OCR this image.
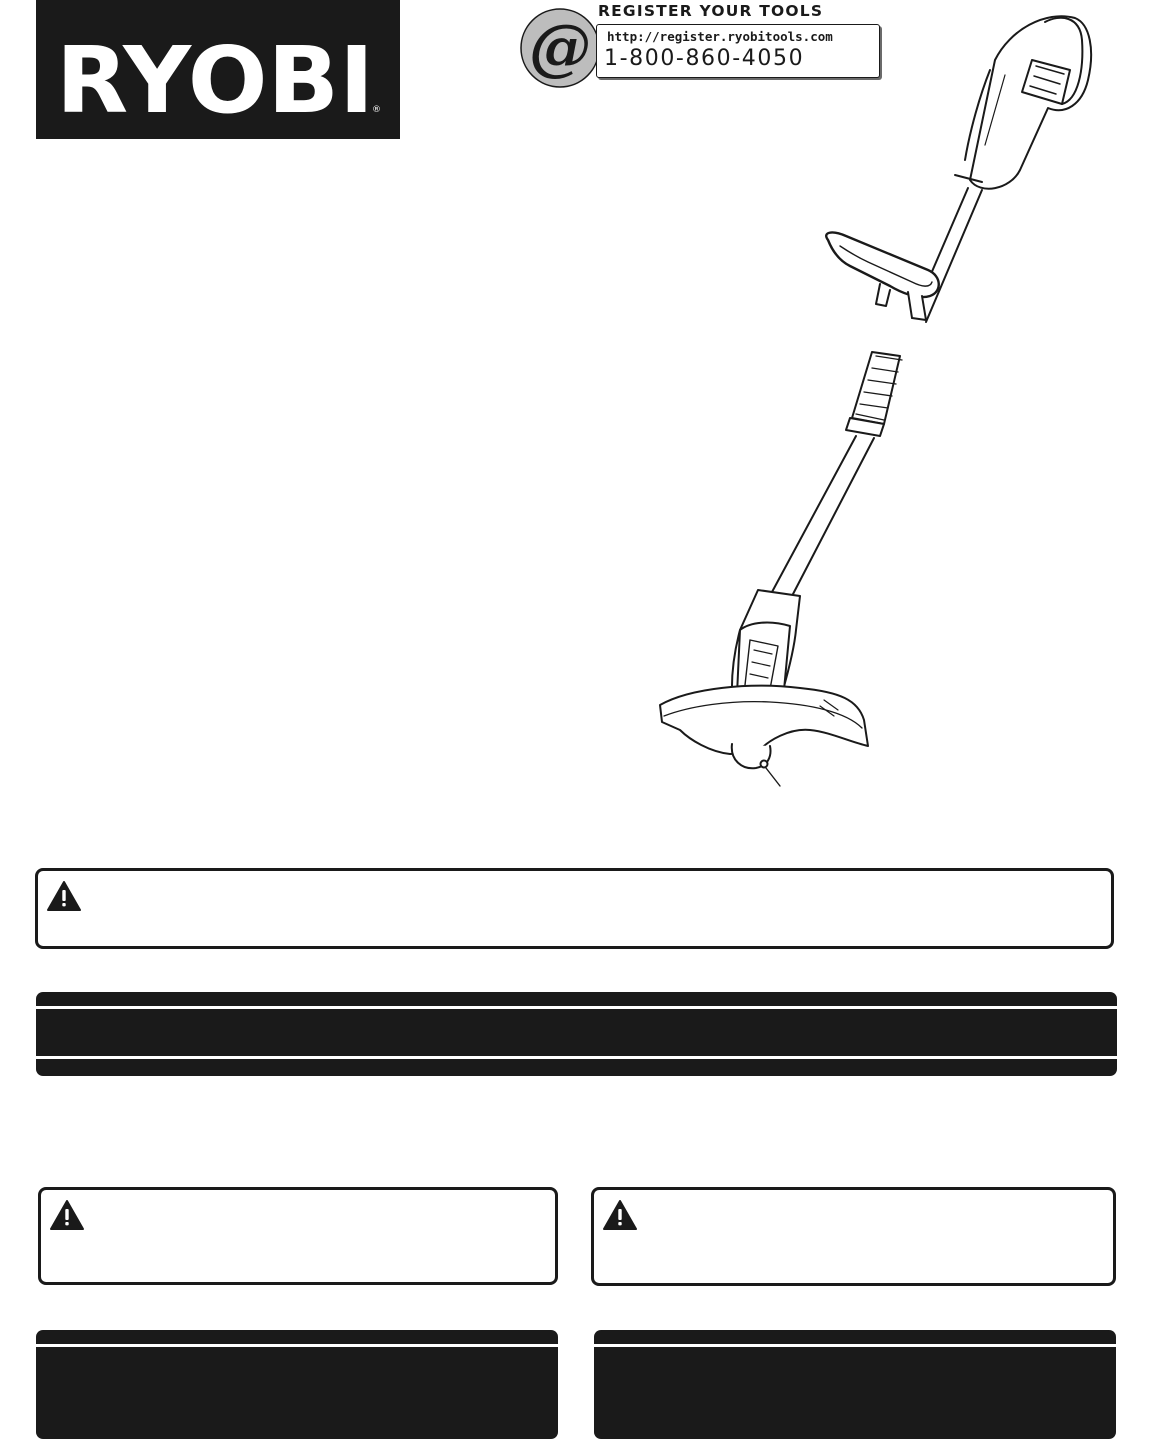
RYOBI
®
@ REGISTER YOUR TOOLS
http://register.ryobitools.com
1-800-860-4050
